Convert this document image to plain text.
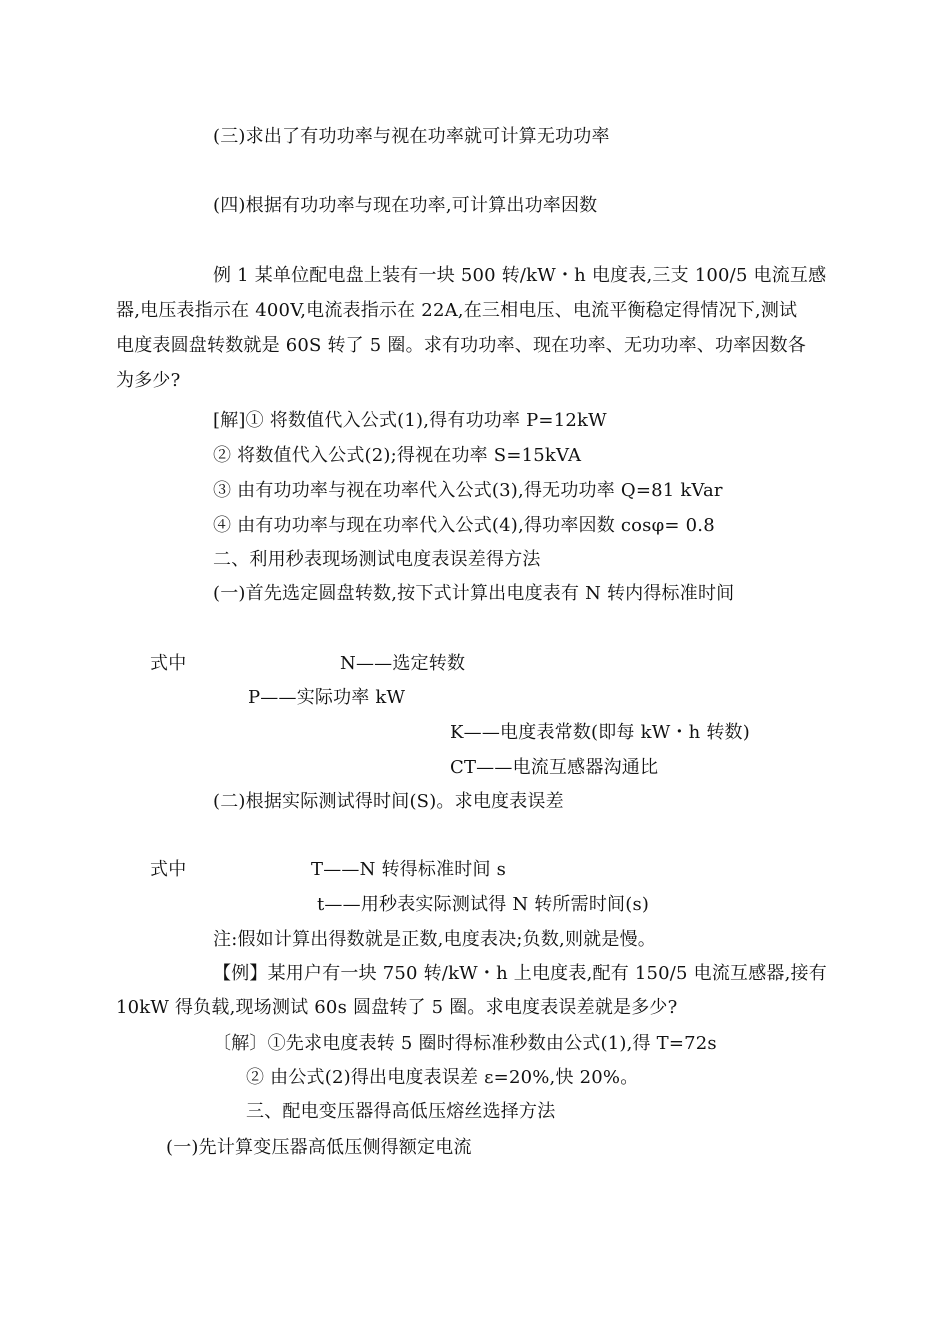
(三)求出了有功功率与视在功率就可计算无功功率
(四)根据有功功率与现在功率,可计算出功率因数
例 1 某单位配电盘上装有一块 500 转/kW・h 电度表,三支 100/5 电流互感
器,电压表指示在 400V,电流表指示在 22A,在三相电压、电流平衡稳定得情况下,测试
电度表圆盘转数就是 60S 转了 5 圈。求有功功率、现在功率、无功功率、功率因数各
为多少?
[解]① 将数值代入公式(1),得有功功率 P=12kW
② 将数值代入公式(2);得视在功率 S=15kVA
③ 由有功功率与视在功率代入公式(3),得无功功率 Q=81 kVar
④ 由有功功率与现在功率代入公式(4),得功率因数 cosφ= 0.8
二、利用秒表现场测试电度表误差得方法
(一)首先选定圆盘转数,按下式计算出电度表有 N 转内得标准时间
式中	N——选定转数
P——实际功率 kW
K——电度表常数(即每 kW・h 转数)
CT——电流互感器沟通比
(二)根据实际测试得时间(S)。求电度表误差
式中	T——N 转得标准时间 s
t——用秒表实际测试得 N 转所需时间(s)
注:假如计算出得数就是正数,电度表决;负数,则就是慢。
【例】某用户有一块 750 转/kW・h 上电度表,配有 150/5 电流互感器,接有
10kW 得负载,现场测试 60s 圆盘转了 5 圈。求电度表误差就是多少?
〔解〕①先求电度表转 5 圈时得标准秒数由公式(1),得 T=72s
② 由公式(2)得出电度表误差 ε=20%,快 20%。
三、配电变压器得高低压熔丝选择方法
(一)先计算变压器高低压侧得额定电流
